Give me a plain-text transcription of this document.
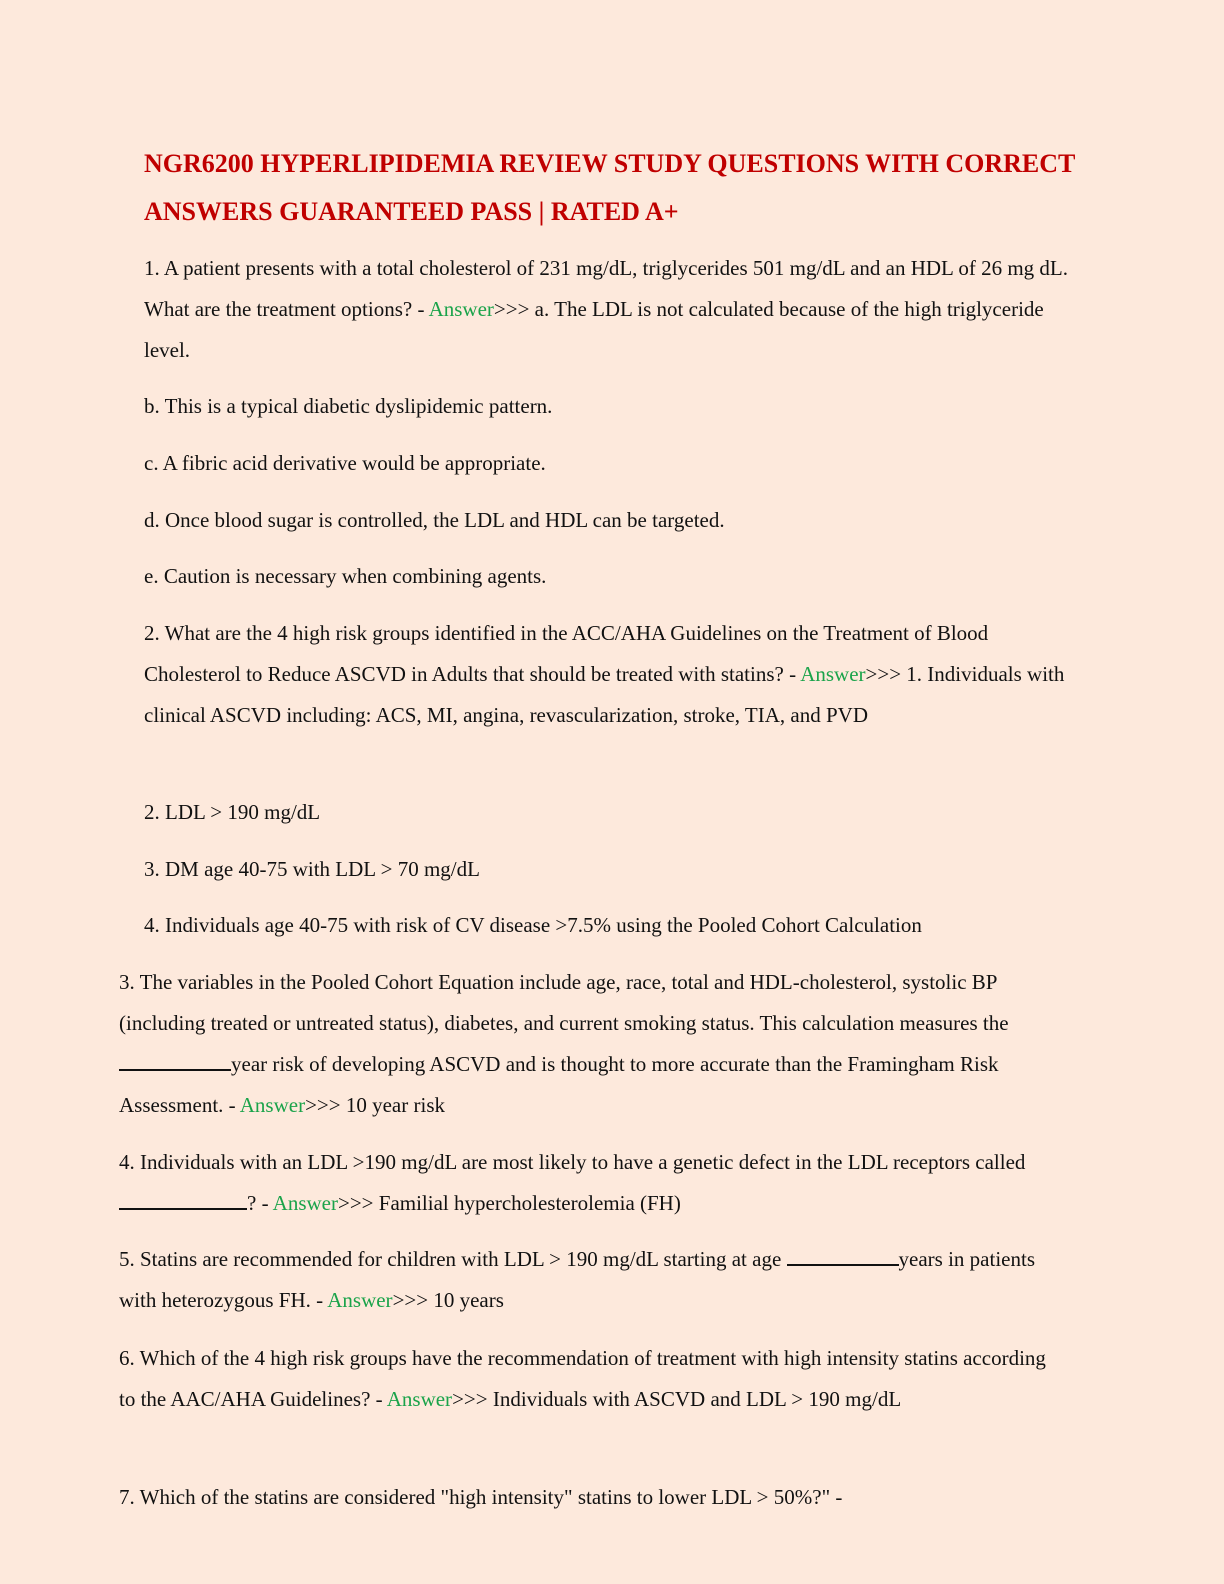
NGR6200 HYPERLIPIDEMIA REVIEW STUDY QUESTIONS WITH CORRECT ANSWERS GUARANTEED PASS | RATED A+

1. A patient presents with a total cholesterol of 231 mg/dL, triglycerides 501 mg/dL and an HDL of 26 mg dL. What are the treatment options? - Answer>>> a. The LDL is not calculated because of the high triglyceride level.

b. This is a typical diabetic dyslipidemic pattern.

c. A fibric acid derivative would be appropriate.

d. Once blood sugar is controlled, the LDL and HDL can be targeted.

e. Caution is necessary when combining agents.

2. What are the 4 high risk groups identified in the ACC/AHA Guidelines on the Treatment of Blood Cholesterol to Reduce ASCVD in Adults that should be treated with statins? - Answer>>> 1. Individuals with clinical ASCVD including: ACS, MI, angina, revascularization, stroke, TIA, and PVD

2. LDL > 190 mg/dL

3. DM age 40-75 with LDL > 70 mg/dL

4. Individuals age 40-75 with risk of CV disease >7.5% using the Pooled Cohort Calculation

3. The variables in the Pooled Cohort Equation include age, race, total and HDL-cholesterol, systolic BP (including treated or untreated status), diabetes, and current smoking status. This calculation measures the year risk of developing ASCVD and is thought to more accurate than the Framingham Risk Assessment. - Answer>>> 10 year risk

4. Individuals with an LDL >190 mg/dL are most likely to have a genetic defect in the LDL receptors called? - Answer>>> Familial hypercholesterolemia (FH)

5. Statins are recommended for children with LDL > 190 mg/dL starting at age	years in patients with heterozygous FH. - Answer>>> 10 years

6. Which of the 4 high risk groups have the recommendation of treatment with high intensity statins according to the AAC/AHA Guidelines? - Answer>>> Individuals with ASCVD and LDL > 190 mg/dL

7. Which of the statins are considered "high intensity" statins to lower LDL > 50%?" -
